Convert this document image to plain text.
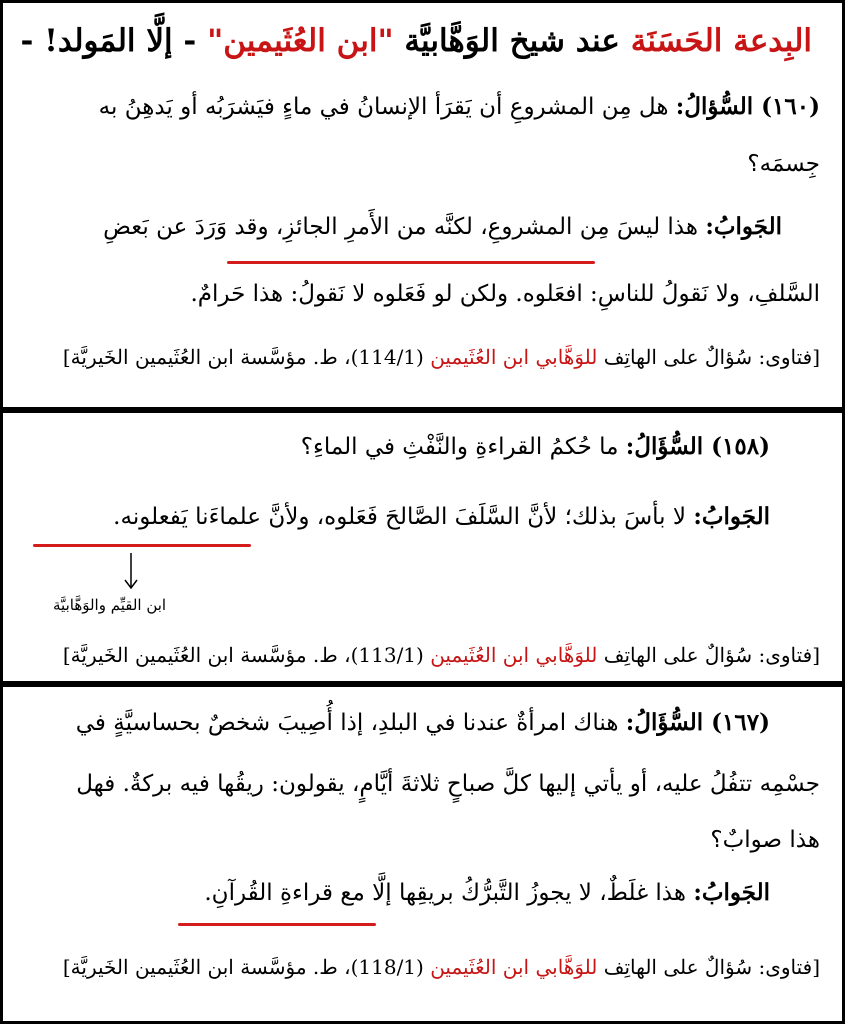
البِدعة الحَسَنَة عند شيخ الوَهَّابيَّة "ابن العُثَيمين" - إلَّا المَولد! -
(١٦٠) السُّؤالُ: هل مِن المشروعِ أن يَقرَأ الإنسانُ في ماءٍ فيَشرَبُه أو يَدهِنُ به
جِسمَه؟
الجَوابُ: هذا ليسَ مِن المشروعِ، لكنَّه من الأَمرِ الجائزِ، وقد وَرَدَ عن بَعضِ
السَّلفِ، ولا نَقولُ للناسِ: افعَلوه. ولكن لو فَعَلوه لا نَقولُ: هذا حَرامٌ.
[فتاوى: سُؤالٌ على الهاتِف للوَهَّابي ابن العُثَيمين (114/1)، ط. مؤسَّسة ابن العُثَيمين الخَيريَّة]
(١٥٨) السُّؤَالُ: ما حُكمُ القراءةِ والنَّفْثِ في الماءِ؟
الجَوابُ: لا بأسَ بذلك؛ لأنَّ السَّلَفَ الصَّالحَ فَعَلوه، ولأنَّ علماءَنا يَفعلونه.
ابن القيِّم والوَهَّابيَّة
[فتاوى: سُؤالٌ على الهاتِف للوَهَّابي ابن العُثَيمين (113/1)، ط. مؤسَّسة ابن العُثَيمين الخَيريَّة]
(١٦٧) السُّؤَالُ: هناك امرأةٌ عندنا في البلدِ، إذا أُصِيبَ شخصٌ بحساسيَّةٍ في
جسْمِه تتفُلُ عليه، أو يأتي إليها كلَّ صباحٍ ثلاثةَ أيَّامٍ، يقولون: ريقُها فيه بركةٌ. فهل
هذا صوابٌ؟
الجَوابُ: هذا غلَطٌ، لا يجوزُ التَّبرُّكُ بريقِها إلَّا مع قراءةِ القُرآنِ.
[فتاوى: سُؤالٌ على الهاتِف للوَهَّابي ابن العُثَيمين (118/1)، ط. مؤسَّسة ابن العُثَيمين الخَيريَّة]
